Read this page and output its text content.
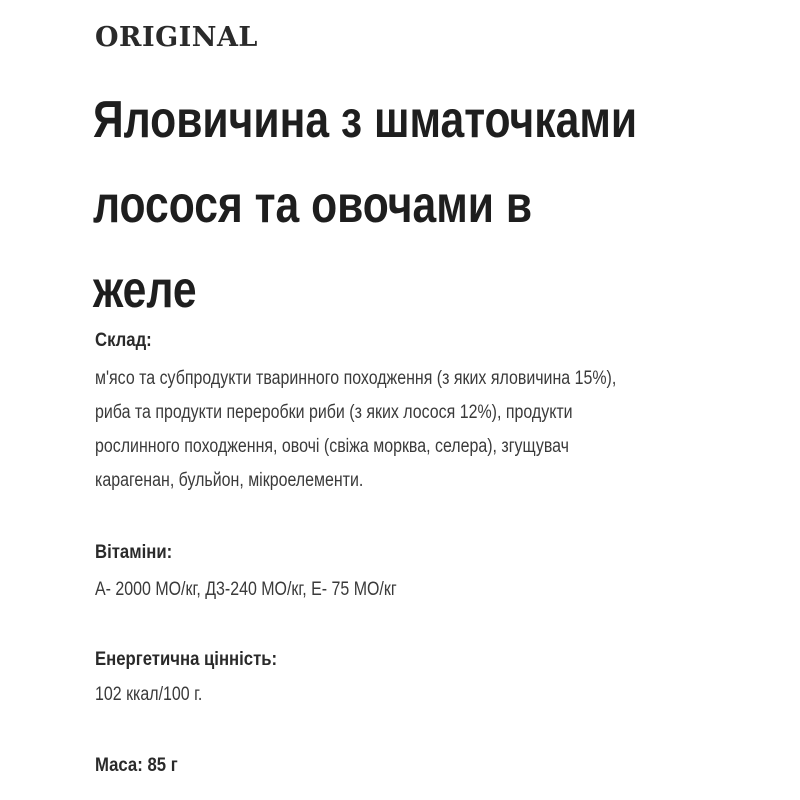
ORIGINAL
Яловичина з шматочками
лосося та овочами в
желе
Склад:
м'ясо та субпродукти тваринного походження (з яких яловичина 15%),
риба та продукти переробки риби (з яких лосося 12%), продукти
рослинного походження, овочі (свіжа морква, селера), згущувач
карагенан, бульйон, мікроелементи.
Вітаміни:
A- 2000 МО/кг, Д3-240 МО/кг, E- 75 МО/кг
Енергетична цінність:
102 ккал/100 г.
Маса: 85 г
